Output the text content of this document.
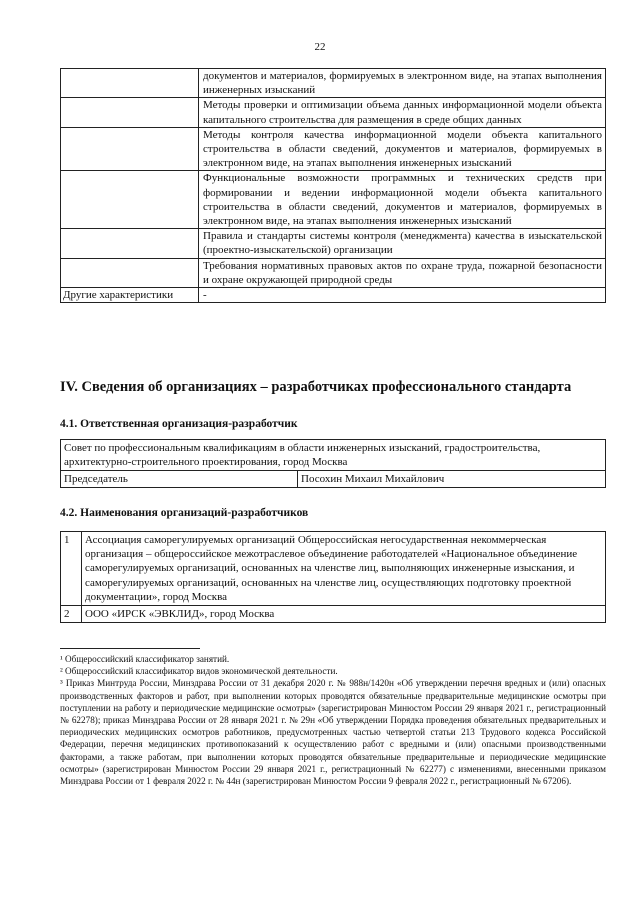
22
	документов и материалов, формируемых в электронном виде, на этапах выполнения инженерных изысканий
	Методы проверки и оптимизации объема данных информационной модели объекта капитального строительства для размещения в среде общих данных
	Методы контроля качества информационной модели объекта капитального строительства в области сведений, документов и материалов, формируемых в электронном виде, на этапах выполнения инженерных изысканий
	Функциональные возможности программных и технических средств при формировании и ведении информационной модели объекта капитального строительства в области сведений, документов и материалов, формируемых в электронном виде, на этапах выполнения инженерных изысканий
	Правила и стандарты системы контроля (менеджмента) качества в изыскательской (проектно-изыскательской) организации
	Требования нормативных правовых актов по охране труда, пожарной безопасности и охране окружающей природной среды
Другие характеристики	-
IV. Сведения об организациях – разработчиках профессионального стандарта
4.1. Ответственная организация-разработчик
Совет по профессиональным квалификациям в области инженерных изысканий, градостроительства, архитектурно-строительного проектирования, город Москва
Председатель	Посохин Михаил Михайлович
4.2. Наименования организаций-разработчиков
1	Ассоциация саморегулируемых организаций Общероссийская негосударственная некоммерческая организация – общероссийское межотраслевое объединение работодателей «Национальное объединение саморегулируемых организаций, основанных на членстве лиц, выполняющих инженерные изыскания, и саморегулируемых организаций, основанных на членстве лиц, осуществляющих подготовку проектной документации», город Москва
2	ООО «ИРСК «ЭВКЛИД», город Москва

¹ Общероссийский классификатор занятий.

² Общероссийский классификатор видов экономической деятельности.

³ Приказ Минтруда России, Минздрава России от 31 декабря 2020 г. № 988н/1420н «Об утверждении перечня вредных и (или) опасных производственных факторов и работ, при выполнении которых проводятся обязательные предварительные медицинские осмотры при поступлении на работу и периодические медицинские осмотры» (зарегистрирован Минюстом России 29 января 2021 г., регистрационный № 62278); приказ Минздрава России от 28 января 2021 г. № 29н «Об утверждении Порядка проведения обязательных предварительных и периодических медицинских осмотров работников, предусмотренных частью четвертой статьи 213 Трудового кодекса Российской Федерации, перечня медицинских противопоказаний к осуществлению работ с вредными и (или) опасными производственными факторами, а также работам, при выполнении которых проводятся обязательные предварительные и периодические медицинские осмотры» (зарегистрирован Минюстом России 29 января 2021 г., регистрационный № 62277) с изменениями, внесенными приказом Минздрава России от 1 февраля 2022 г. № 44н (зарегистрирован Минюстом России 9 февраля 2022 г., регистрационный № 67206).
